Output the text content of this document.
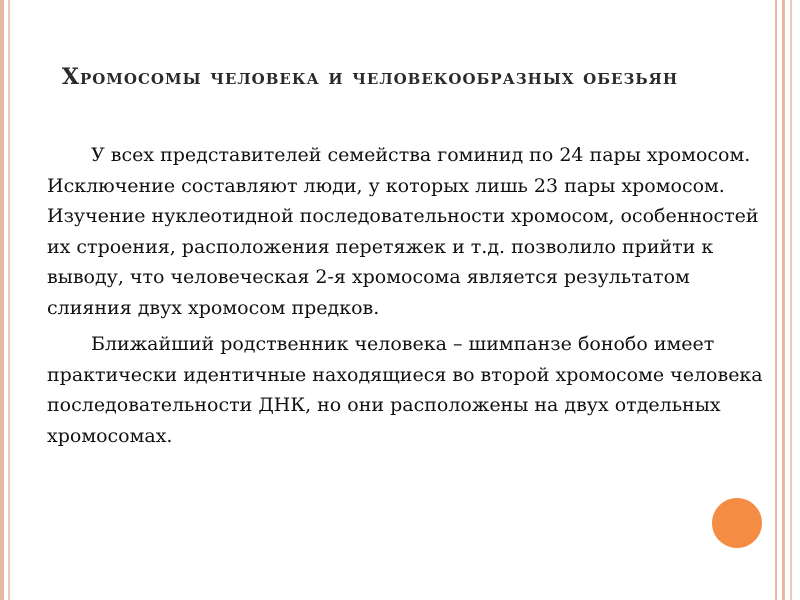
Хромосомы человека и человекообразных обезьян

У всех представителей семейства гоминид по 24 пары хромосом. Исключение составляют люди, у которых лишь 23 пары хромосом. Изучение нуклеотидной последовательности хромосом, особенностей их строения, расположения перетяжек и т.д. позволило прийти к выводу, что человеческая 2-я хромосома является результатом слияния двух хромосом предков.

Ближайший родственник человека – шимпанзе бонобо имеет практически идентичные находящиеся во второй хромосоме человека последовательности ДНК, но они расположены на двух отдельных хромосомах.
